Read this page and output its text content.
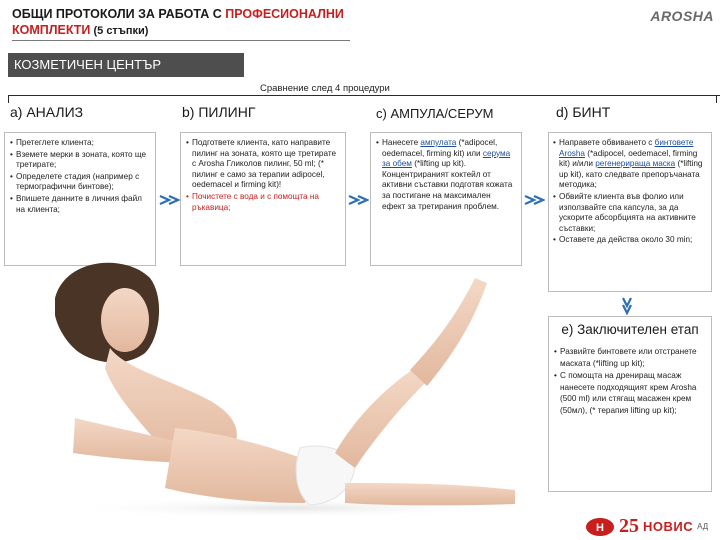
ОБЩИ ПРОТОКОЛИ ЗА РАБОТА С ПРОФЕСИОНАЛНИ
КОМПЛЕКТИ (5 стъпки)
AROSHA
КОЗМЕТИЧЕН ЦЕНТЪР
Сравнение след 4 процедури
a) АНАЛИЗ
• Претеглете клиента;
• Вземете мерки в зоната, която ще третирате;
• Определете стадия (например с термографични бинтове);
• Впишете данните в личния файл на клиента;
b) ПИЛИНГ
• Подгответе клиента, като направите пилинг на зоната, която ще третирате с Arosha Гликолов пилинг, 50 ml; (* пилинг е само за терапии adipocel, oedemacel и firming kit)!
• Почистете с вода и с помощта на ръкавица;
c) АМПУЛА/СЕРУМ
• Нанесете ампулата (*adipocel, oedemacel, firming kit) или серума за обем (*lifting up kit). Концентрираният коктейл от активни съставки подготвя кожата за постигане на максимален ефект за третирания проблем.
d) БИНТ
• Направете обвиването с бинтовете Arosha (*adipocel, oedemacel, firming kit) и/или регенерираща маска (*lifting up kit), като следвате препоръчаната методика;
• Обвийте клиента във фолио или използвайте спа капсула, за да ускорите абсорбцията на активните съставки;
• Оставете да действа около 30 min;
e) Заключителен етап
• Развийте бинтовете или отстранете маската (*lifting up kit);
• С помощта на дрениращ масаж нанесете подходящият крем Arosha (500 ml) или стягащ масажен крем (50мл), (* терапия lifting up kit);
Н 25 НОВИС АД
